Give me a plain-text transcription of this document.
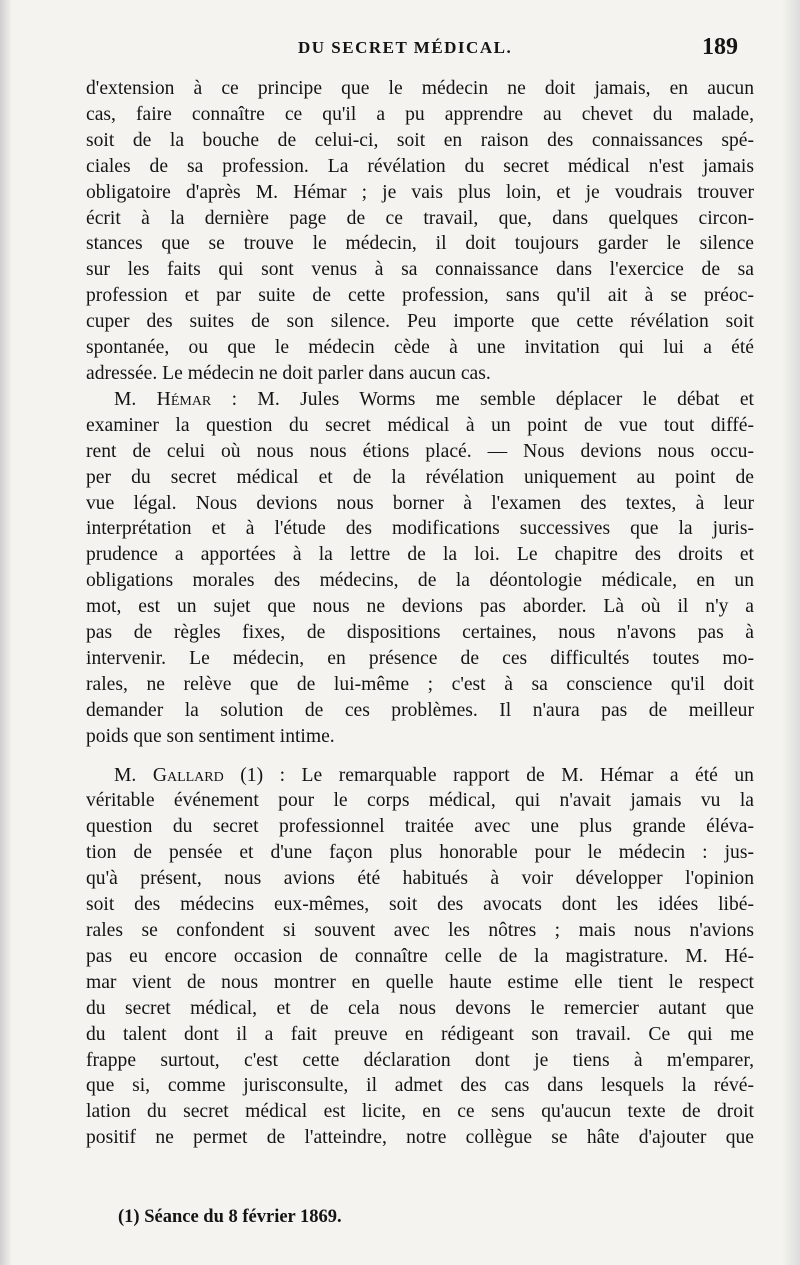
DU SECRET MÉDICAL.	189
d'extension à ce principe que le médecin ne doit jamais, en aucun
cas, faire connaître ce qu'il a pu apprendre au chevet du malade,
soit de la bouche de celui-ci, soit en raison des connaissances spé-
ciales de sa profession. La révélation du secret médical n'est jamais
obligatoire d'après M. Hémar ; je vais plus loin, et je voudrais trouver
écrit à la dernière page de ce travail, que, dans quelques circon-
stances que se trouve le médecin, il doit toujours garder le silence
sur les faits qui sont venus à sa connaissance dans l'exercice de sa
profession et par suite de cette profession, sans qu'il ait à se préoc-
cuper des suites de son silence. Peu importe que cette révélation soit
spontanée, ou que le médecin cède à une invitation qui lui a été
adressée. Le médecin ne doit parler dans aucun cas.
M. Hémar : M. Jules Worms me semble déplacer le débat et
examiner la question du secret médical à un point de vue tout diffé-
rent de celui où nous nous étions placé. — Nous devions nous occu-
per du secret médical et de la révélation uniquement au point de
vue légal. Nous devions nous borner à l'examen des textes, à leur
interprétation et à l'étude des modifications successives que la juris-
prudence a apportées à la lettre de la loi. Le chapitre des droits et
obligations morales des médecins, de la déontologie médicale, en un
mot, est un sujet que nous ne devions pas aborder. Là où il n'y a
pas de règles fixes, de dispositions certaines, nous n'avons pas à
intervenir. Le médecin, en présence de ces difficultés toutes mo-
rales, ne relève que de lui-même ; c'est à sa conscience qu'il doit
demander la solution de ces problèmes. Il n'aura pas de meilleur
poids que son sentiment intime.
M. Gallard (1) : Le remarquable rapport de M. Hémar a été un
véritable événement pour le corps médical, qui n'avait jamais vu la
question du secret professionnel traitée avec une plus grande éléva-
tion de pensée et d'une façon plus honorable pour le médecin : jus-
qu'à présent, nous avions été habitués à voir développer l'opinion
soit des médecins eux-mêmes, soit des avocats dont les idées libé-
rales se confondent si souvent avec les nôtres ; mais nous n'avions
pas eu encore occasion de connaître celle de la magistrature. M. Hé-
mar vient de nous montrer en quelle haute estime elle tient le respect
du secret médical, et de cela nous devons le remercier autant que
du talent dont il a fait preuve en rédigeant son travail. Ce qui me
frappe surtout, c'est cette déclaration dont je tiens à m'emparer,
que si, comme jurisconsulte, il admet des cas dans lesquels la révé-
lation du secret médical est licite, en ce sens qu'aucun texte de droit
positif ne permet de l'atteindre, notre collègue se hâte d'ajouter que
(1) Séance du 8 février 1869.
